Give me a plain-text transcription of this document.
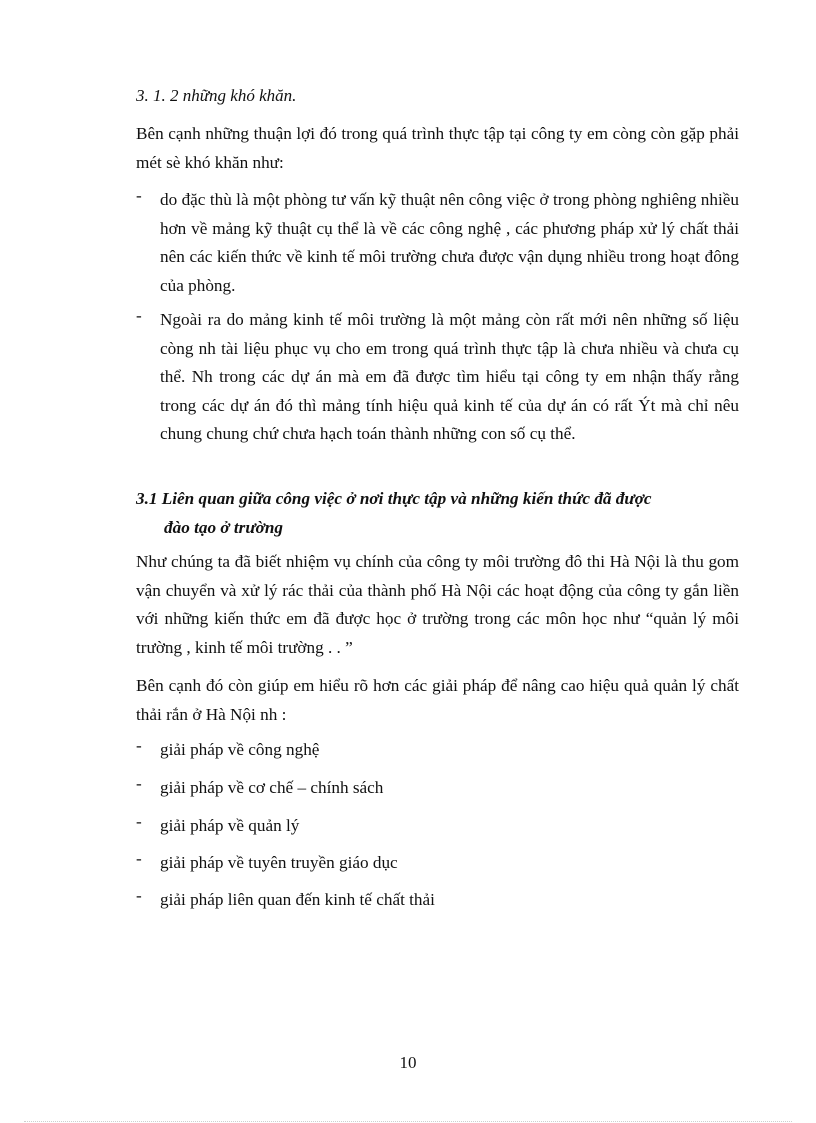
3. 1. 2 những khó khăn.

Bên cạnh những thuận lợi đó trong quá trình thực tập tại công ty em còng còn gặp phải mét sè khó khăn như:

-	do đặc thù là một phòng tư vấn kỹ thuật nên công việc ở trong phòng nghiêng nhiều hơn về mảng kỹ thuật cụ thể là về các công nghệ , các phương pháp xử lý chất thải nên các kiến thức về kinh tế môi trường chưa được vận dụng nhiều trong hoạt đông của phòng.
-	Ngoài ra do mảng kinh tế môi trường là một mảng còn rất mới nên những số liệu còng nh tài liệu phục vụ cho em trong quá trình thực tập là chưa nhiều và chưa cụ thể. Nh trong các dự án mà em đã được tìm hiểu tại công ty em nhận thấy rằng trong các dự án đó thì mảng tính hiệu quả kinh tế của dự án có rất Ýt mà chỉ nêu chung chung chứ chưa hạch toán thành những con số cụ thể.

3.1 Liên quan giữa công việc ở nơi thực tập và những kiến thức đã được
đào tạo ở trường

Như chúng ta đã biết nhiệm vụ chính của công ty môi trường đô thi Hà Nội là thu gom vận chuyển và xử lý rác thải của thành phố Hà Nội các hoạt động của công ty gắn liền với những kiến thức em đã được học ở trường trong các môn học như “quản lý môi trường , kinh tế môi trường . . ”

Bên cạnh đó còn giúp em hiểu rõ hơn các giải pháp để nâng cao hiệu quả quản lý chất thải rắn ở Hà Nội nh :

-	giải pháp về công nghệ
-	giải pháp về cơ chế – chính sách
-	giải pháp về quản lý
-	giải pháp về tuyên truyền giáo dục
-	giải pháp liên quan đến kinh tế chất thải
10
